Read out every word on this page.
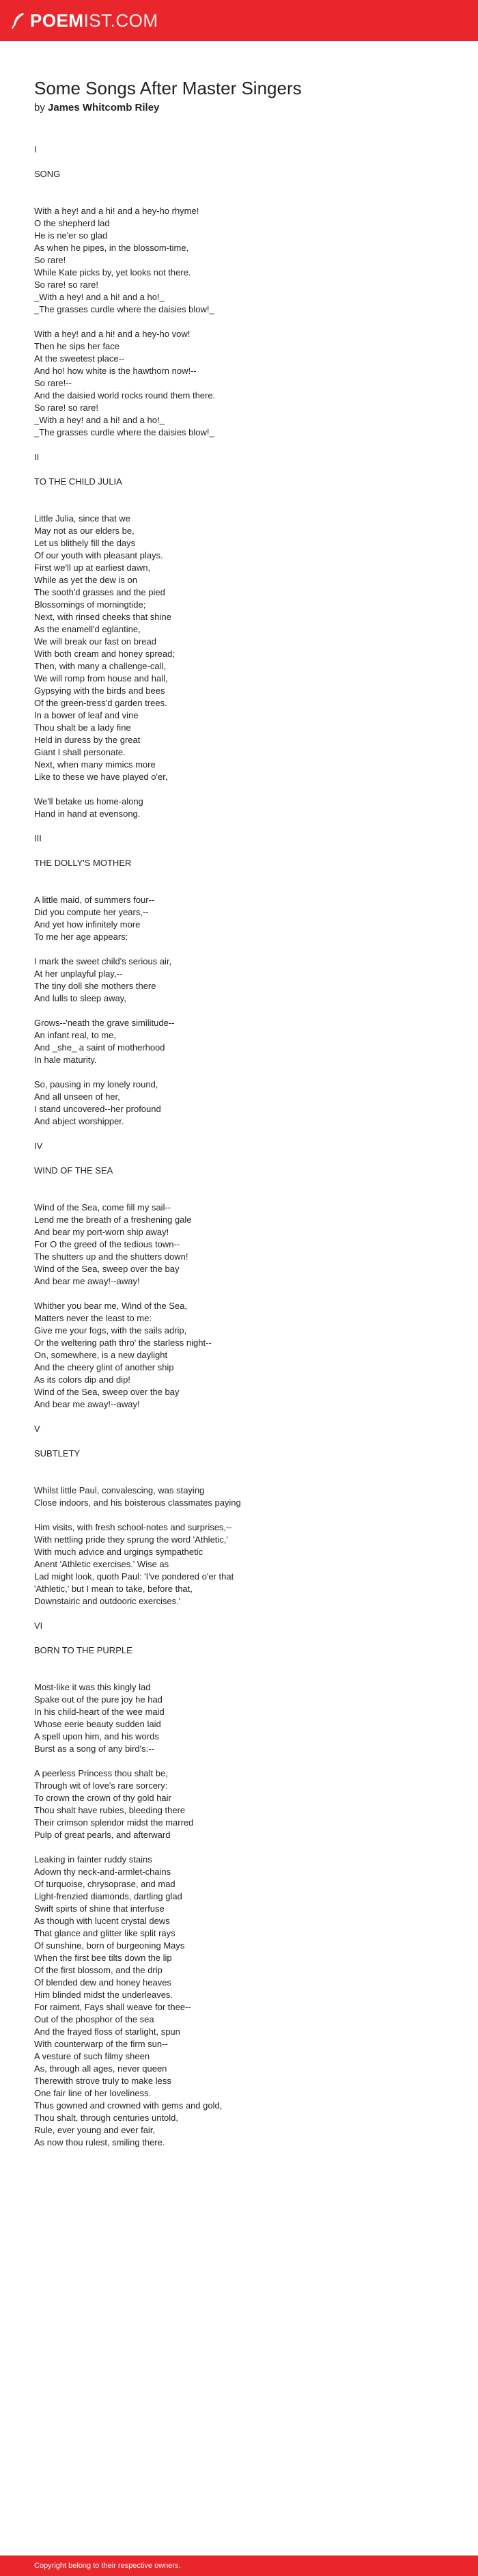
POEMIST.COM
Some Songs After Master Singers
by James Whitcomb Riley
I

SONG

With a hey! and a hi! and a hey-ho rhyme!
O the shepherd lad
He is ne'er so glad
As when he pipes, in the blossom-time,
So rare!
While Kate picks by, yet looks not there.
So rare! so rare!
_With a hey! and a hi! and a ho!_
_The grasses curdle where the daisies blow!_

With a hey! and a hi! and a hey-ho vow!
Then he sips her face
At the sweetest place--
And ho! how white is the hawthorn now!--
So rare!--
And the daisied world rocks round them there.
So rare! so rare!
_With a hey! and a hi! and a ho!_
_The grasses curdle where the daisies blow!_

II

TO THE CHILD JULIA

Little Julia, since that we
May not as our elders be,
Let us blithely fill the days
Of our youth with pleasant plays.
First we'll up at earliest dawn,
While as yet the dew is on
The sooth'd grasses and the pied
Blossomings of morningtide;
Next, with rinsed cheeks that shine
As the enamell'd eglantine,
We will break our fast on bread
With both cream and honey spread;
Then, with many a challenge-call,
We will romp from house and hall,
Gypsying with the birds and bees
Of the green-tress'd garden trees.
In a bower of leaf and vine
Thou shalt be a lady fine
Held in duress by the great
Giant I shall personate.
Next, when many mimics more
Like to these we have played o'er,

We'll betake us home-along
Hand in hand at evensong.

III

THE DOLLY'S MOTHER

A little maid, of summers four--
Did you compute her years,--
And yet how infinitely more
To me her age appears:

I mark the sweet child's serious air,
At her unplayful play,--
The tiny doll she mothers there
And lulls to sleep away,

Grows--'neath the grave similitude--
An infant real, to me,
And _she_ a saint of motherhood
In hale maturity.

So, pausing in my lonely round,
And all unseen of her,
I stand uncovered--her profound
And abject worshipper.

IV

WIND OF THE SEA

Wind of the Sea, come fill my sail--
Lend me the breath of a freshening gale
And bear my port-worn ship away!
For O the greed of the tedious town--
The shutters up and the shutters down!
Wind of the Sea, sweep over the bay
And bear me away!--away!

Whither you bear me, Wind of the Sea,
Matters never the least to me:
Give me your fogs, with the sails adrip,
Or the weltering path thro' the starless night--
On, somewhere, is a new daylight
And the cheery glint of another ship
As its colors dip and dip!
Wind of the Sea, sweep over the bay
And bear me away!--away!

V

SUBTLETY

Whilst little Paul, convalescing, was staying
Close indoors, and his boisterous classmates paying

Him visits, with fresh school-notes and surprises,--
With nettling pride they sprung the word 'Athletic,'
With much advice and urgings sympathetic
Anent 'Athletic exercises.' Wise as
Lad might look, quoth Paul: 'I've pondered o'er that
'Athletic,' but I mean to take, before that,
Downstairic and outdooric exercises.'

VI

BORN TO THE PURPLE

Most-like it was this kingly lad
Spake out of the pure joy he had
In his child-heart of the wee maid
Whose eerie beauty sudden laid
A spell upon him, and his words
Burst as a song of any bird's:--

A peerless Princess thou shalt be,
Through wit of love's rare sorcery:
To crown the crown of thy gold hair
Thou shalt have rubies, bleeding there
Their crimson splendor midst the marred
Pulp of great pearls, and afterward

Leaking in fainter ruddy stains
Adown thy neck-and-armlet-chains
Of turquoise, chrysoprase, and mad
Light-frenzied diamonds, dartling glad
Swift spirts of shine that interfuse
As though with lucent crystal dews
That glance and glitter like split rays
Of sunshine, born of burgeoning Mays
When the first bee tilts down the lip
Of the first blossom, and the drip
Of blended dew and honey heaves
Him blinded midst the underleaves.
For raiment, Fays shall weave for thee--
Out of the phosphor of the sea
And the frayed floss of starlight, spun
With counterwarp of the firm sun--
A vesture of such filmy sheen
As, through all ages, never queen
Therewith strove truly to make less
One fair line of her loveliness.
Thus gowned and crowned with gems and gold,
Thou shalt, through centuries untold,
Rule, ever young and ever fair,
As now thou rulest, smiling there.
Copyright belong to their respective owners.
